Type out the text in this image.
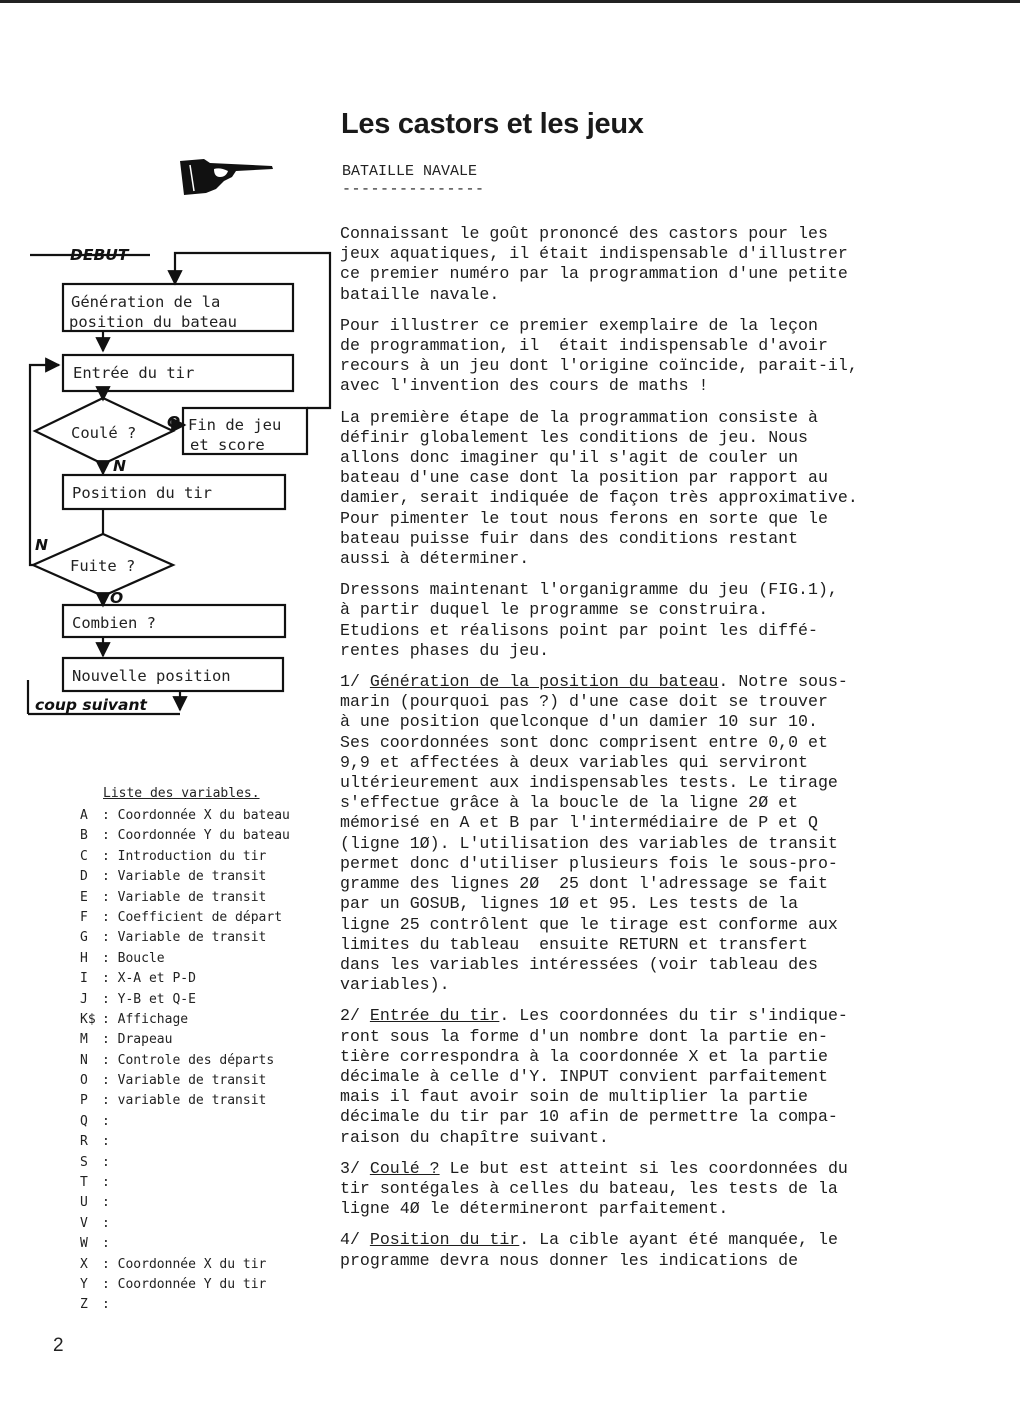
Les castors et les jeux
BATAILLE NAVALE
---------------
DEBUT
Génération de la
position du bateau
Entrée du tir
Coulé ?
O
N
Fin de jeu
et score
Position du tir
Fuite ?
N
O
Combien ?
Nouvelle position
coup suivant

Connaissant le goût prononcé des castors pour les
jeux aquatiques, il était indispensable d'illustrer
ce premier numéro par la programmation d'une petite
bataille navale.

Pour illustrer ce premier exemplaire de la leçon
de programmation, il  était indispensable d'avoir
recours à un jeu dont l'origine coïncide, parait-il,
avec l'invention des cours de maths !

La première étape de la programmation consiste à
définir globalement les conditions de jeu. Nous
allons donc imaginer qu'il s'agit de couler un
bateau d'une case dont la position par rapport au
damier, serait indiquée de façon très approximative.
Pour pimenter le tout nous ferons en sorte que le
bateau puisse fuir dans des conditions restant
aussi à déterminer.

Dressons maintenant l'organigramme du jeu (FIG.1),
à partir duquel le programme se construira.
Etudions et réalisons point par point les diffé-
rentes phases du jeu.

1/ Génération de la position du bateau. Notre sous-
marin (pourquoi pas ?) d'une case doit se trouver
à une position quelconque d'un damier 10 sur 10.
Ses coordonnées sont donc comprisent entre 0,0 et
9,9 et affectées à deux variables qui serviront
ultérieurement aux indispensables tests. Le tirage
s'effectue grâce à la boucle de la ligne 2Ø et
mémorisé en A et B par l'intermédiaire de P et Q
(ligne 1Ø). L'utilisation des variables de transit
permet donc d'utiliser plusieurs fois le sous-pro-
gramme des lignes 2Ø  25 dont l'adressage se fait
par un GOSUB, lignes 1Ø et 95. Les tests de la
ligne 25 contrôlent que le tirage est conforme aux
limites du tableau  ensuite RETURN et transfert
dans les variables intéressées (voir tableau des
variables).

2/ Entrée du tir. Les coordonnées du tir s'indique-
ront sous la forme d'un nombre dont la partie en-
tière correspondra à la coordonnée X et la partie
décimale à celle d'Y. INPUT convient parfaitement
mais il faut avoir soin de multiplier la partie
décimale du tir par 10 afin de permettre la compa-
raison du chapître suivant.

3/ Coulé ? Le but est atteint si les coordonnées du
tir sontégales à celles du bateau, les tests de la
ligne 4Ø le détermineront parfaitement.

4/ Position du tir. La cible ayant été manquée, le
programme devra nous donner les indications de

Liste des variables.
A : Coordonnée X du bateau
B : Coordonnée Y du bateau
C : Introduction du tir
D : Variable de transit
E : Variable de transit
F : Coefficient de départ
G : Variable de transit
H : Boucle
I : X-A et P-D
J : Y-B et Q-E
K$ : Affichage
M : Drapeau
N : Controle des départs
O : Variable de transit
P : variable de transit
Q :
R :
S :
T :
U :
V :
W :
X : Coordonnée X du tir
Y : Coordonnée Y du tir
Z :
2
